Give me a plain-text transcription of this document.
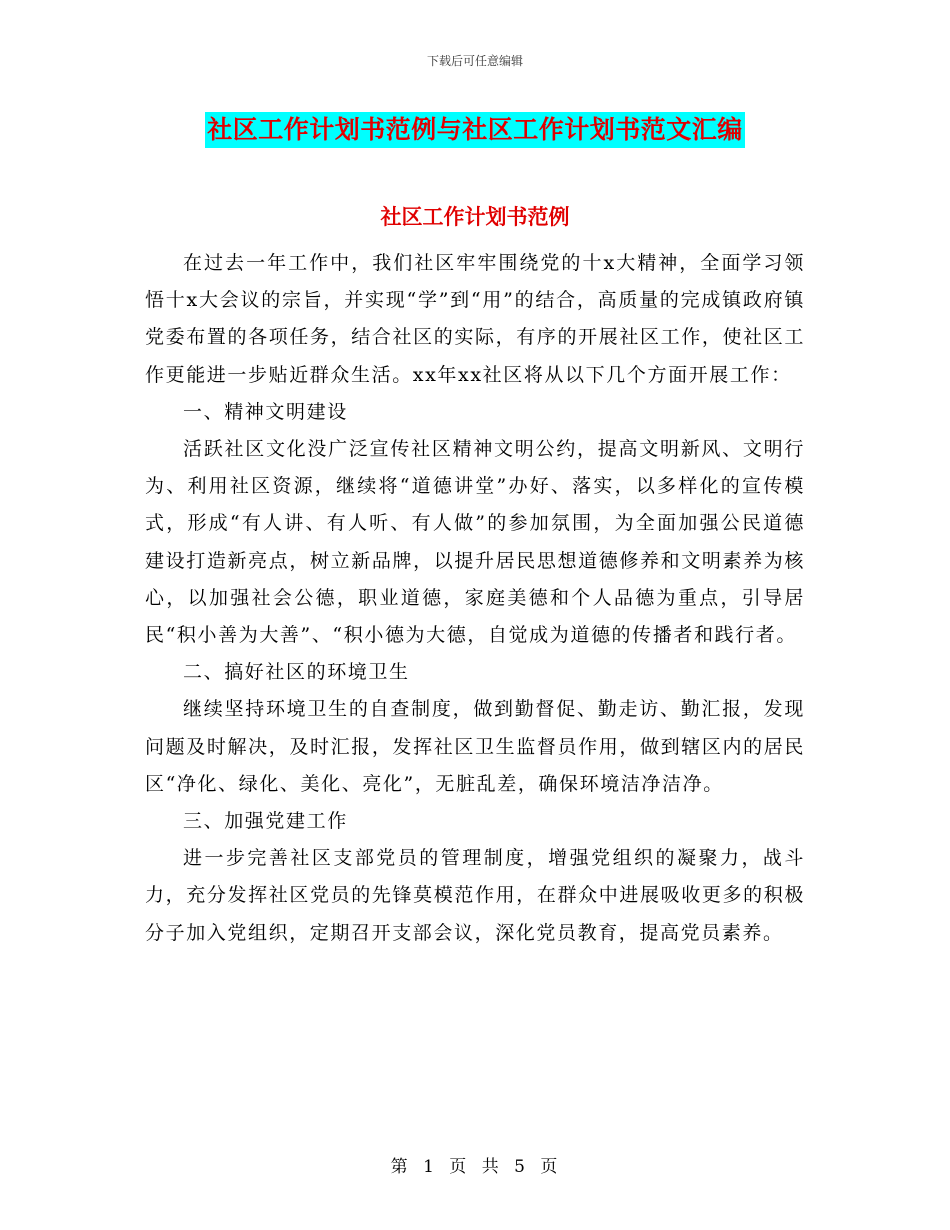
下载后可任意编辑
社区工作计划书范例与社区工作计划书范文汇编
社区工作计划书范例

在过去一年工作中，我们社区牢牢围绕党的十x大精神，全面学习领悟十x大会议的宗旨，并实现“学”到“用”的结合，高质量的完成镇政府镇党委布置的各项任务，结合社区的实际，有序的开展社区工作，使社区工作更能进一步贴近群众生活。xx年xx社区将从以下几个方面开展工作：

一、精神文明建设

活跃社区文化没广泛宣传社区精神文明公约，提高文明新风、文明行为、利用社区资源，继续将“道德讲堂”办好、落实，以多样化的宣传模式，形成“有人讲、有人听、有人做”的参加氛围，为全面加强公民道德建设打造新亮点，树立新品牌，以提升居民思想道德修养和文明素养为核心，以加强社会公德，职业道德，家庭美德和个人品德为重点，引导居民“积小善为大善”、“积小德为大德，自觉成为道德的传播者和践行者。

二、搞好社区的环境卫生

继续坚持环境卫生的自查制度，做到勤督促、勤走访、勤汇报，发现问题及时解决，及时汇报，发挥社区卫生监督员作用，做到辖区内的居民区“净化、绿化、美化、亮化”，无脏乱差，确保环境洁净洁净。

三、加强党建工作

进一步完善社区支部党员的管理制度，增强党组织的凝聚力，战斗力，充分发挥社区党员的先锋莫模范作用，在群众中进展吸收更多的积极分子加入党组织，定期召开支部会议，深化党员教育，提高党员素养。

第 1 页 共 5 页
